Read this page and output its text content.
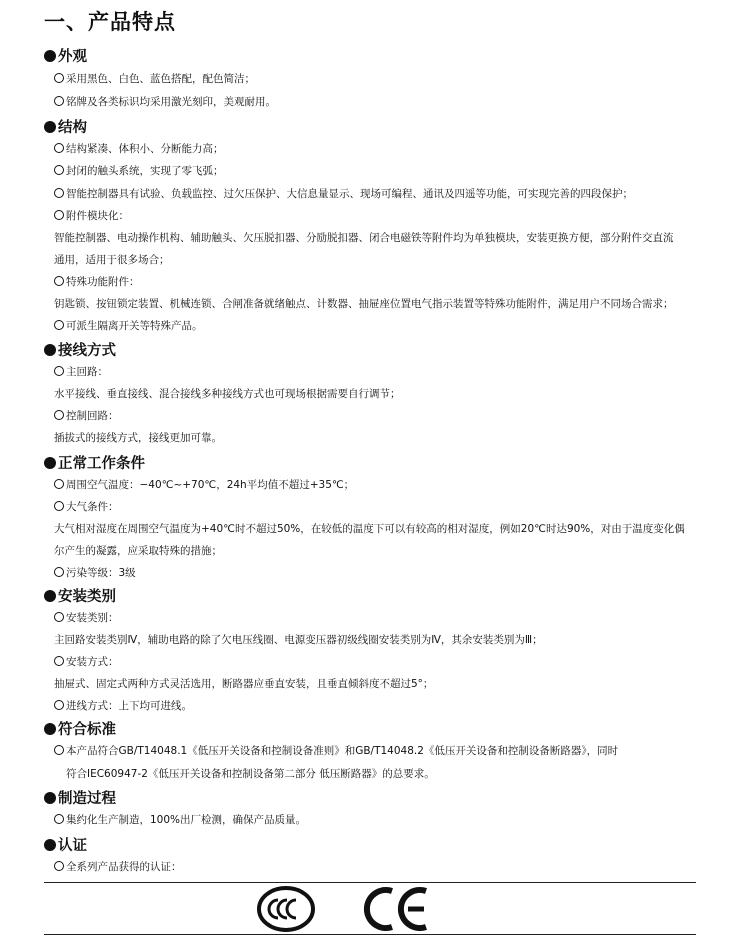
一、产品特点
外观
采用黑色、白色、蓝色搭配，配色简洁；
铭牌及各类标识均采用激光刻印，美观耐用。
结构
结构紧凑、体积小、分断能力高；
封闭的触头系统，实现了零飞弧；
智能控制器具有试验、负载监控、过欠压保护、大信息量显示、现场可编程、通讯及四遥等功能，可实现完善的四段保护；
附件模块化：
智能控制器、电动操作机构、辅助触头、欠压脱扣器、分励脱扣器、闭合电磁铁等附件均为单独模块，安装更换方便，部分附件交直流
通用，适用于很多场合；
特殊功能附件：
钥匙锁、按钮锁定装置、机械连锁、合闸准备就绪触点、计数器、抽屉座位置电气指示装置等特殊功能附件，满足用户不同场合需求；
可派生隔离开关等特殊产品。
接线方式
主回路：
水平接线、垂直接线、混合接线多种接线方式也可现场根据需要自行调节；
控制回路：
插拔式的接线方式，接线更加可靠。
正常工作条件
周围空气温度：−40℃~+70℃，24h平均值不超过+35℃；
大气条件：
大气相对湿度在周围空气温度为+40℃时不超过50%，在较低的温度下可以有较高的相对湿度，例如20℃时达90%，对由于温度变化偶
尔产生的凝露，应采取特殊的措施；
污染等级：3级
安装类别
安装类别：
主回路安装类别Ⅳ，辅助电路的除了欠电压线圈、电源变压器初级线圈安装类别为Ⅳ，其余安装类别为Ⅲ；
安装方式：
抽屉式、固定式两种方式灵活选用，断路器应垂直安装，且垂直倾斜度不超过5°；
进线方式：上下均可进线。
符合标准
本产品符合GB/T14048.1《低压开关设备和控制设备准则》和GB/T14048.2《低压开关设备和控制设备断路器》，同时
符合IEC60947-2《低压开关设备和控制设备第二部分 低压断路器》的总要求。
制造过程
集约化生产制造，100%出厂检测，确保产品质量。
认证
全系列产品获得的认证：
